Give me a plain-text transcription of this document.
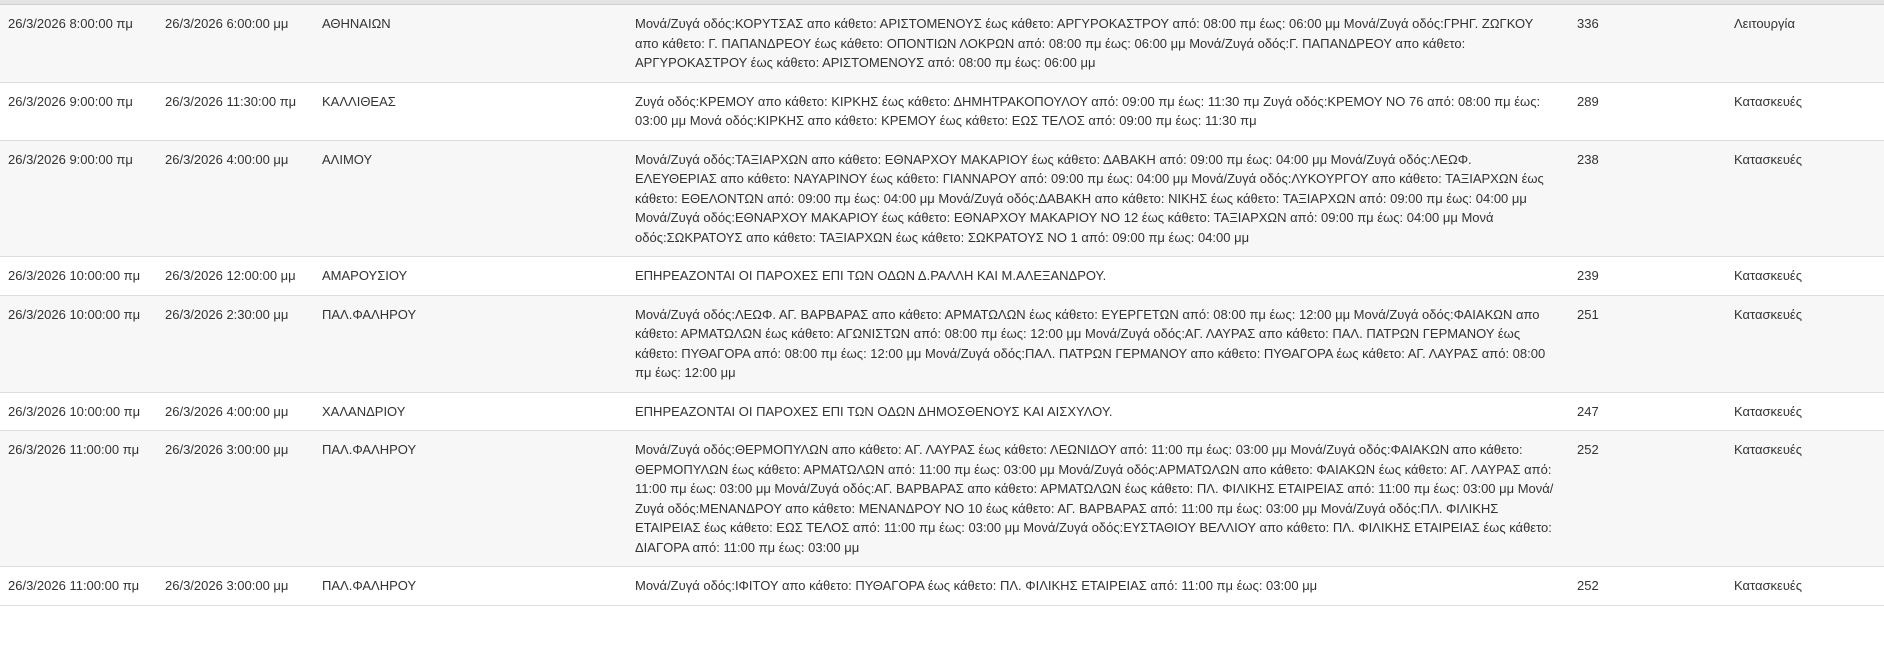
26/3/2026 8:00:00 πμ	26/3/2026 6:00:00 μμ	ΑΘΗΝΑΙΩΝ	Μονά/Ζυγά οδός:ΚΟΡΥΤΣΑΣ απο κάθετο: ΑΡΙΣΤΟΜΕΝΟΥΣ έως κάθετο: ΑΡΓΥΡΟΚΑΣΤΡΟΥ από: 08:00 πμ έως: 06:00 μμ Μονά/Ζυγά οδός:ΓΡΗΓ. ΖΩΓΚΟΥ απο κάθετο: Γ. ΠΑΠΑΝΔΡΕΟΥ έως κάθετο: ΟΠΟΝΤΙΩΝ ΛΟΚΡΩΝ από: 08:00 πμ έως: 06:00 μμ Μονά/Ζυγά οδός:Γ. ΠΑΠΑΝΔΡΕΟΥ απο κάθετο: ΑΡΓΥΡΟΚΑΣΤΡΟΥ έως κάθετο: ΑΡΙΣΤΟΜΕΝΟΥΣ από: 08:00 πμ έως: 06:00 μμ	336	Λειτουργία
26/3/2026 9:00:00 πμ	26/3/2026 11:30:00 πμ	ΚΑΛΛΙΘΕΑΣ	Ζυγά οδός:ΚΡΕΜΟΥ απο κάθετο: ΚΙΡΚΗΣ έως κάθετο: ΔΗΜΗΤΡΑΚΟΠΟΥΛΟΥ από: 09:00 πμ έως: 11:30 πμ Ζυγά οδός:ΚΡΕΜΟΥ ΝΟ 76 από: 08:00 πμ έως: 03:00 μμ Μονά οδός:ΚΙΡΚΗΣ απο κάθετο: ΚΡΕΜΟΥ έως κάθετο: ΕΩΣ ΤΕΛΟΣ από: 09:00 πμ έως: 11:30 πμ	289	Κατασκευές
26/3/2026 9:00:00 πμ	26/3/2026 4:00:00 μμ	ΑΛΙΜΟΥ	Μονά/Ζυγά οδός:ΤΑΞΙΑΡΧΩΝ απο κάθετο: ΕΘΝΑΡΧΟΥ ΜΑΚΑΡΙΟΥ έως κάθετο: ΔΑΒΑΚΗ από: 09:00 πμ έως: 04:00 μμ Μονά/Ζυγά οδός:ΛΕΩΦ. ΕΛΕΥΘΕΡΙΑΣ απο κάθετο: ΝΑΥΑΡΙΝΟΥ έως κάθετο: ΓΙΑΝΝΑΡΟΥ από: 09:00 πμ έως: 04:00 μμ Μονά/Ζυγά οδός:ΛΥΚΟΥΡΓΟΥ απο κάθετο: ΤΑΞΙΑΡΧΩΝ έως κάθετο: ΕΘΕΛΟΝΤΩΝ από: 09:00 πμ έως: 04:00 μμ Μονά/Ζυγά οδός:ΔΑΒΑΚΗ απο κάθετο: ΝΙΚΗΣ έως κάθετο: ΤΑΞΙΑΡΧΩΝ από: 09:00 πμ έως: 04:00 μμ Μονά/Ζυγά οδός:ΕΘΝΑΡΧΟΥ ΜΑΚΑΡΙΟΥ έως κάθετο: ΕΘΝΑΡΧΟΥ ΜΑΚΑΡΙΟΥ ΝΟ 12 έως κάθετο: ΤΑΞΙΑΡΧΩΝ από: 09:00 πμ έως: 04:00 μμ Μονά οδός:ΣΩΚΡΑΤΟΥΣ απο κάθετο: ΤΑΞΙΑΡΧΩΝ έως κάθετο: ΣΩΚΡΑΤΟΥΣ ΝΟ 1 από: 09:00 πμ έως: 04:00 μμ	238	Κατασκευές
26/3/2026 10:00:00 πμ	26/3/2026 12:00:00 μμ	ΑΜΑΡΟΥΣΙΟΥ	ΕΠΗΡΕΑΖΟΝΤΑΙ ΟΙ ΠΑΡΟΧΕΣ ΕΠΙ ΤΩΝ ΟΔΩΝ Δ.ΡΑΛΛΗ ΚΑΙ Μ.ΑΛΕΞΑΝΔΡΟΥ.	239	Κατασκευές
26/3/2026 10:00:00 πμ	26/3/2026 2:30:00 μμ	ΠΑΛ.ΦΑΛΗΡΟΥ	Μονά/Ζυγά οδός:ΛΕΩΦ. ΑΓ. ΒΑΡΒΑΡΑΣ απο κάθετο: ΑΡΜΑΤΩΛΩΝ έως κάθετο: ΕΥΕΡΓΕΤΩΝ από: 08:00 πμ έως: 12:00 μμ Μονά/Ζυγά οδός:ΦΑΙΑΚΩΝ απο κάθετο: ΑΡΜΑΤΩΛΩΝ έως κάθετο: ΑΓΩΝΙΣΤΩΝ από: 08:00 πμ έως: 12:00 μμ Μονά/Ζυγά οδός:ΑΓ. ΛΑΥΡΑΣ απο κάθετο: ΠΑΛ. ΠΑΤΡΩΝ ΓΕΡΜΑΝΟΥ έως κάθετο: ΠΥΘΑΓΟΡΑ από: 08:00 πμ έως: 12:00 μμ Μονά/Ζυγά οδός:ΠΑΛ. ΠΑΤΡΩΝ ΓΕΡΜΑΝΟΥ απο κάθετο: ΠΥΘΑΓΟΡΑ έως κάθετο: ΑΓ. ΛΑΥΡΑΣ από: 08:00 πμ έως: 12:00 μμ	251	Κατασκευές
26/3/2026 10:00:00 πμ	26/3/2026 4:00:00 μμ	ΧΑΛΑΝΔΡΙΟΥ	ΕΠΗΡΕΑΖΟΝΤΑΙ ΟΙ ΠΑΡΟΧΕΣ ΕΠΙ ΤΩΝ ΟΔΩΝ ΔΗΜΟΣΘΕΝΟΥΣ ΚΑΙ ΑΙΣΧΥΛΟΥ.	247	Κατασκευές
26/3/2026 11:00:00 πμ	26/3/2026 3:00:00 μμ	ΠΑΛ.ΦΑΛΗΡΟΥ	Μονά/Ζυγά οδός:ΘΕΡΜΟΠΥΛΩΝ απο κάθετο: ΑΓ. ΛΑΥΡΑΣ έως κάθετο: ΛΕΩΝΙΔΟΥ από: 11:00 πμ έως: 03:00 μμ Μονά/Ζυγά οδός:ΦΑΙΑΚΩΝ απο κάθετο: ΘΕΡΜΟΠΥΛΩΝ έως κάθετο: ΑΡΜΑΤΩΛΩΝ από: 11:00 πμ έως: 03:00 μμ Μονά/Ζυγά οδός:ΑΡΜΑΤΩΛΩΝ απο κάθετο: ΦΑΙΑΚΩΝ έως κάθετο: ΑΓ. ΛΑΥΡΑΣ από: 11:00 πμ έως: 03:00 μμ Μονά/Ζυγά οδός:ΑΓ. ΒΑΡΒΑΡΑΣ απο κάθετο: ΑΡΜΑΤΩΛΩΝ έως κάθετο: ΠΛ. ΦΙΛΙΚΗΣ ΕΤΑΙΡΕΙΑΣ από: 11:00 πμ έως: 03:00 μμ Μονά/Ζυγά οδός:ΜΕΝΑΝΔΡΟΥ απο κάθετο: ΜΕΝΑΝΔΡΟΥ ΝΟ 10 έως κάθετο: ΑΓ. ΒΑΡΒΑΡΑΣ από: 11:00 πμ έως: 03:00 μμ Μονά/Ζυγά οδός:ΠΛ. ΦΙΛΙΚΗΣ ΕΤΑΙΡΕΙΑΣ έως κάθετο: ΕΩΣ ΤΕΛΟΣ από: 11:00 πμ έως: 03:00 μμ Μονά/Ζυγά οδός:ΕΥΣΤΑΘΙΟΥ ΒΕΛΛΙΟΥ απο κάθετο: ΠΛ. ΦΙΛΙΚΗΣ ΕΤΑΙΡΕΙΑΣ έως κάθετο: ΔΙΑΓΟΡΑ από: 11:00 πμ έως: 03:00 μμ	252	Κατασκευές
26/3/2026 11:00:00 πμ	26/3/2026 3:00:00 μμ	ΠΑΛ.ΦΑΛΗΡΟΥ	Μονά/Ζυγά οδός:ΙΦΙΤΟΥ απο κάθετο: ΠΥΘΑΓΟΡΑ έως κάθετο: ΠΛ. ΦΙΛΙΚΗΣ ΕΤΑΙΡΕΙΑΣ από: 11:00 πμ έως: 03:00 μμ	252	Κατασκευές
